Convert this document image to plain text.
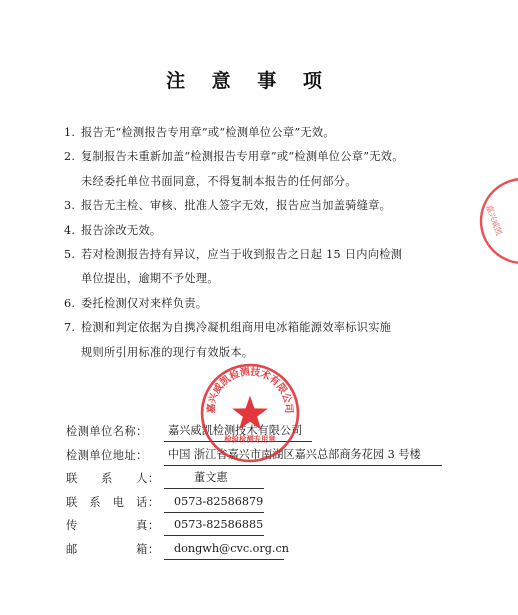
注 意 事 项
1. 报告无“检测报告专用章”或“检测单位公章”无效。
2. 复制报告未重新加盖“检测报告专用章”或“检测单位公章”无效。
未经委托单位书面同意，不得复制本报告的任何部分。
3. 报告无主检、审核、批准人签字无效，报告应当加盖骑缝章。
4. 报告涂改无效。
5. 若对检测报告持有异议，应当于收到报告之日起 15 日内向检测
单位提出，逾期不予处理。
6. 委托检测仅对来样负责。
7. 检测和判定依据为自携冷凝机组商用电冰箱能源效率标识实施
规则所引用标准的现行有效版本。
检测单位名称：	嘉兴威凯检测技术有限公司
检测单位地址：	中国 浙江省嘉兴市南湖区嘉兴总部商务花园 3 号楼
联　　系　　人：	董文惠
联　系　电　话：	0573-82586879
传　　　　　真：	0573-82586885
邮　　　　　箱：	dongwh@cvc.org.cn
嘉兴威凯检测技术有限公司
检验检测专用章
嘉兴威凯
